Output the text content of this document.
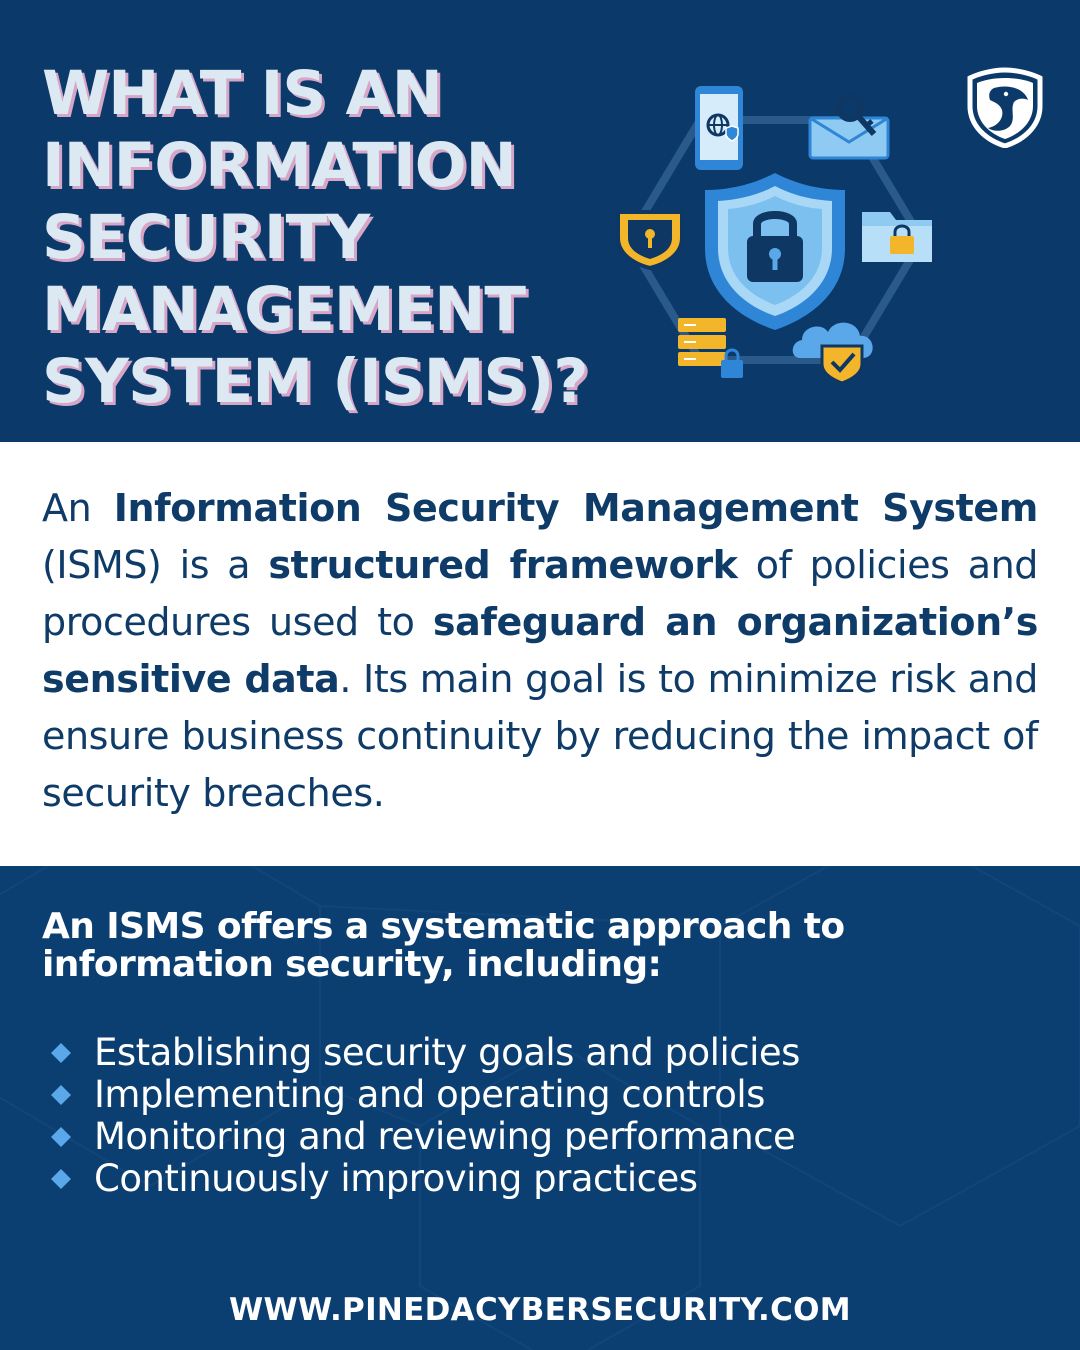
WHAT IS AN
INFORMATION
SECURITY
MANAGEMENT
SYSTEM (ISMS)?

An Information Security Management System (ISMS) is a structured framework of policies and procedures used to safeguard an organization’s sensitive data. Its main goal is to minimize risk and ensure business continuity by reducing the impact of security breaches.

An ISMS offers a systematic approach to information security, including:
Establishing security goals and policies
Implementing and operating controls
Monitoring and reviewing performance
Continuously improving practices
WWW.PINEDACYBERSECURITY.COM
